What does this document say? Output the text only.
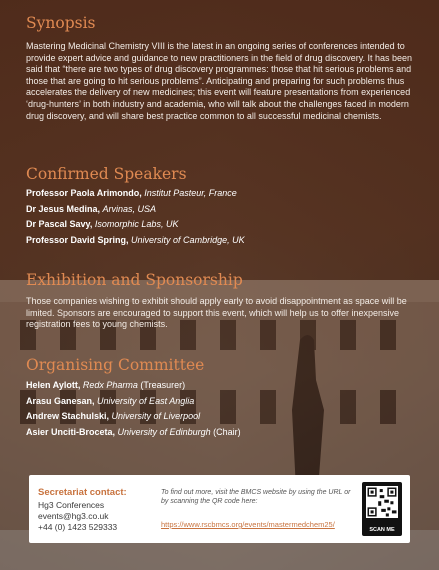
Synopsis

Mastering Medicinal Chemistry VIII is the latest in an ongoing series of conferences intended to provide expert advice and guidance to new practitioners in the field of drug discovery. It has been said that “there are two types of drug discovery programmes: those that hit serious problems and those that are going to hit serious problems”. Anticipating and preparing for such problems thus accelerates the delivery of new medicines; this event will feature presentations from experienced ‘drug-hunters’ in both industry and academia, who will talk about the challenges faced in modern drug discovery, and will share best practice common to all successful medicinal chemists.

Confirmed Speakers
Professor Paola Arimondo, Institut Pasteur, France
Dr Jesus Medina, Arvinas, USA
Dr Pascal Savy, Isomorphic Labs, UK
Professor David Spring, University of Cambridge, UK
Exhibition and Sponsorship

Those companies wishing to exhibit should apply early to avoid disappointment as space will be limited. Sponsors are encouraged to support this event, which will help us to offer inexpensive registration fees to young chemists.

Organising Committee
Helen Aylott, Redx Pharma (Treasurer)
Arasu Ganesan, University of East Anglia
Andrew Stachulski, University of Liverpool
Asier Unciti-Broceta, University of Edinburgh (Chair)
Secretariat contact:
Hg3 Conferences
events@hg3.co.uk
+44 (0) 1423 529333
To find out more, visit the BMCS website by using the URL or by scanning the QR code here:
https://www.rscbmcs.org/events/mastermedchem25/
SCAN ME
